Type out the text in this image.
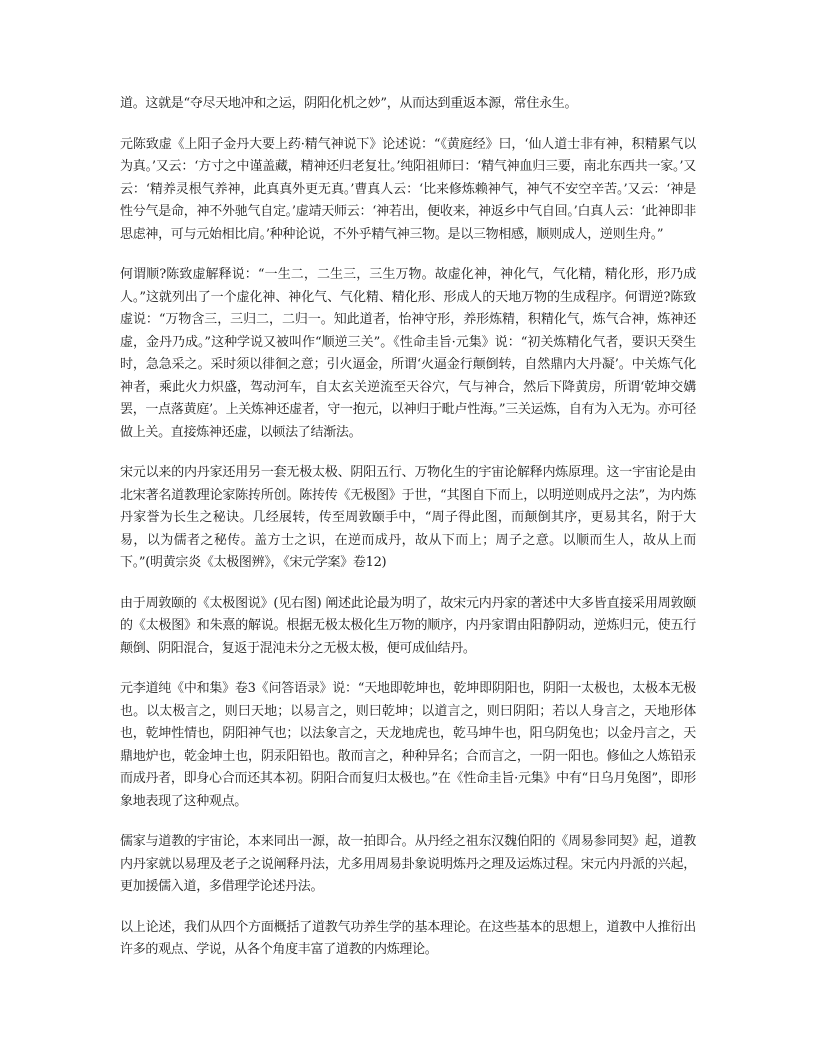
道。这就是“夺尽天地冲和之运，阴阳化机之妙”，从而达到重返本源，常住永生。

元陈致虚《上阳子金丹大要上药·精气神说下》论述说：“《黄庭经》曰，‘仙人道士非有神，积精累气以为真。’又云：‘方寸之中谨盖藏，精神还归老复壮。’纯阳祖师曰：‘精气神血归三要，南北东西共一家。’又云：‘精养灵根气养神，此真真外更无真。’曹真人云：‘比来修炼赖神气，神气不安空辛苦。’又云：‘神是性兮气是命，神不外驰气自定。’虚靖天师云：‘神若出，便收来，神返乡中气自回。’白真人云：‘此神即非思虑神，可与元始相比肩。’种种论说，不外乎精气神三物。是以三物相感，顺则成人，逆则生舟。”

何谓顺?陈致虚解释说：“一生二，二生三，三生万物。故虚化神，神化气，气化精，精化形，形乃成人。”这就列出了一个虚化神、神化气、气化精、精化形、形成人的天地万物的生成程序。何谓逆?陈致虚说：“万物含三，三归二，二归一。知此道者，怡神守形，养形炼精，积精化气，炼气合神，炼神还虚，金丹乃成。”这种学说又被叫作“顺逆三关”。《性命圭旨·元集》说：“初关炼精化气者，要识天癸生时，急急采之。采时须以徘徊之意；引火逼金，所谓‘火逼金行颠倒转，自然鼎内大丹凝’。中关炼气化神者，乘此火力炽盛，驾动河车，自太玄关逆流至天谷穴，气与神合，然后下降黄房，所谓‘乾坤交媾罢，一点落黄庭’。上关炼神还虚者，守一抱元，以神归于毗卢性海。”三关运炼，自有为入无为。亦可径做上关。直接炼神还虚，以顿法了结渐法。

宋元以来的内丹家还用另一套无极太极、阴阳五行、万物化生的宇宙论解释内炼原理。这一宇宙论是由北宋著名道教理论家陈抟所创。陈抟传《无极图》于世，“其图自下而上，以明逆则成丹之法”，为内炼丹家誉为长生之秘诀。几经展转，传至周敦颐手中，“周子得此图，而颠倒其序，更易其名，附于大易，以为儒者之秘传。盖方士之识，在逆而成丹，故从下而上；周子之意。以顺而生人，故从上而下。”(明黄宗炎《太极图辨》，《宋元学案》卷12)

由于周敦颐的《太极图说》(见右图) 阐述此论最为明了，故宋元内丹家的著述中大多皆直接采用周敦颐的《太极图》和朱熹的解说。根据无极太极化生万物的顺序，内丹家谓由阳静阴动，逆炼归元，使五行颠倒、阴阳混合，复返于混沌未分之无极太极，便可成仙结丹。

元李道纯《中和集》卷3《问答语录》说：“天地即乾坤也，乾坤即阴阳也，阴阳一太极也，太极本无极也。以太极言之，则曰天地；以易言之，则曰乾坤；以道言之，则曰阴阳；若以人身言之，天地形体也，乾坤性情也，阴阳神气也；以法象言之，天龙地虎也，乾马坤牛也，阳乌阴兔也；以金丹言之，天鼎地炉也，乾金坤土也，阴汞阳铅也。散而言之，种种异名；合而言之，一阴一阳也。修仙之人炼铅汞而成丹者，即身心合而还其本初。阴阳合而复归太极也。”在《性命圭旨·元集》中有“日乌月兔图”，即形象地表现了这种观点。

儒家与道教的宇宙论，本来同出一源，故一拍即合。从丹经之祖东汉魏伯阳的《周易参同契》起，道教内丹家就以易理及老子之说阐释丹法，尤多用周易卦象说明炼丹之理及运炼过程。宋元内丹派的兴起，更加援儒入道，多借理学论述丹法。

以上论述，我们从四个方面概括了道教气功养生学的基本理论。在这些基本的思想上，道教中人推衍出许多的观点、学说，从各个角度丰富了道教的内炼理论。
